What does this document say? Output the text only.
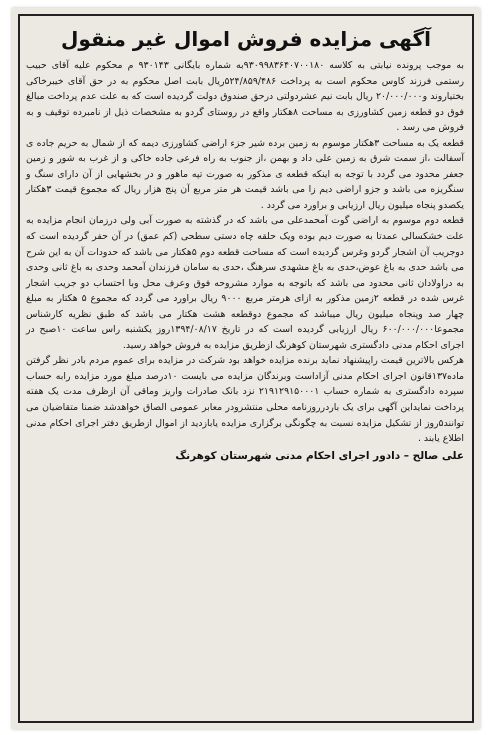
آگهی مزایده فروش اموال غیر منقول

به موجب پرونده نیابتی به کلاسه ۹۳۰۹۹۸۳۶۴۰۷۰۰۱۸۰به شماره بایگانی ۹۳۰۱۴۳ م محکوم علیه آقای حبیب رستمی فرزند کاوس محکوم است به پرداخت ۵۲۴/۸۵۹/۴۸۶ریال بابت اصل محکوم به در حق آقای خیبرخاکی بختیاروند و۲۰/۰۰۰/۰۰۰ ریال بابت نیم عشردولتی درحق صندوق دولت گردیده است که به علت عدم پرداخت مبالغ فوق دو قطعه زمین کشاورزی به مساحت ۸هکتار واقع در روستای گردو به مشخصات ذیل از نامبرده توقیف و به فروش می رسد .

قطعه یک به مساحت ۳هکتار موسوم به زمین برده شیر جزء اراضی کشاورزی دیمه که از شمال به حریم جاده ی آسفالت ،از سمت شرق به زمین علی داد و بهمن ،از جنوب به راه فرعی جاده خاکی و از غرب به شور و زمین جعفر محدود می گردد با توجه به اینکه قطعه ی مذکور به صورت تپه ماهور و در بخشهایی از آن دارای سنگ و سنگریزه می باشد و جزو اراضی دیم زا می باشد قیمت هر متر مربع آن پنج هزار ریال که مجموع قیمت ۳هکتار یکصدو پنجاه میلیون ریال ارزیابی و براورد می گردد .

قطعه دوم موسوم به اراضی گوت آمحمدعلی می باشد که در گذشته به صورت آبی ولی درزمان انجام مزایده به علت خشکسالی عمدتا به صورت دیم بوده ویک حلقه چاه دستی سطحی (کم عمق) در آن حفر گردیده است که دوجریب آن اشجار گردو وغرس گردیده است که مساحت قطعه دوم ۵هکتار می باشد که حدودات آن به این شرح می باشد حدی به باغ عوض،حدی به باغ مشهدی سرهنگ ،حدی به سامان فرزندان آمحمد وحدی به باغ ثانی وحدی به دراولادان ثانی محدود می باشد که باتوجه به موارد مشروحه فوق وعرف محل وبا احتساب دو جریب اشجار غرس شده در قطعه ۲زمین مذکور به ازای هرمتر مربع ۹۰۰۰ ریال براورد می گردد که مجموع ۵ هکتار به مبلغ چهار صد وپنجاه میلیون ریال میباشد که مجموع دوقطعه هشت هکتار می باشد که طبق نظریه کارشناس مجموعا۶۰۰/۰۰۰/۰۰۰ ریال ارزیابی گردیده است که در تاریخ ۱۳۹۴/۰۸/۱۷روز یکشنبه راس ساعت ۱۰صبح در اجرای احکام مدنی دادگستری شهرستان کوهرنگ ازطریق مزایده به فروش خواهد رسید.

هرکس بالاترین قیمت راپیشنهاد نماید برنده مزایده خواهد بود شرکت در مزایده برای عموم مردم بادر نظر گرفتن ماده۱۳۷قانون اجرای احکام مدنی آزاداست وبرندگان مزایده می بایست ۱۰درصد مبلغ مورد مزایده رابه حساب سپرده دادگستری به شماره حساب ۲۱۹۱۲۹۱۵۰۰۰۱ نزد بانک صادرات واریز وماقی آن ازظرف مدت یک هفته پرداخت نمایداین آگهی برای یک باردرروزنامه محلی منتشرودر معابر عمومی الصاق خواهدشد ضمنا متقاضیان می توانند۵روز از تشکیل مزایده نسبت به چگونگی برگزاری مزایده یابازدید از اموال ازطریق دفتر اجرای احکام مدنی اطلاع یابند .

علی صالح – دادور اجرای احکام مدنی شهرستان کوهرنگ
